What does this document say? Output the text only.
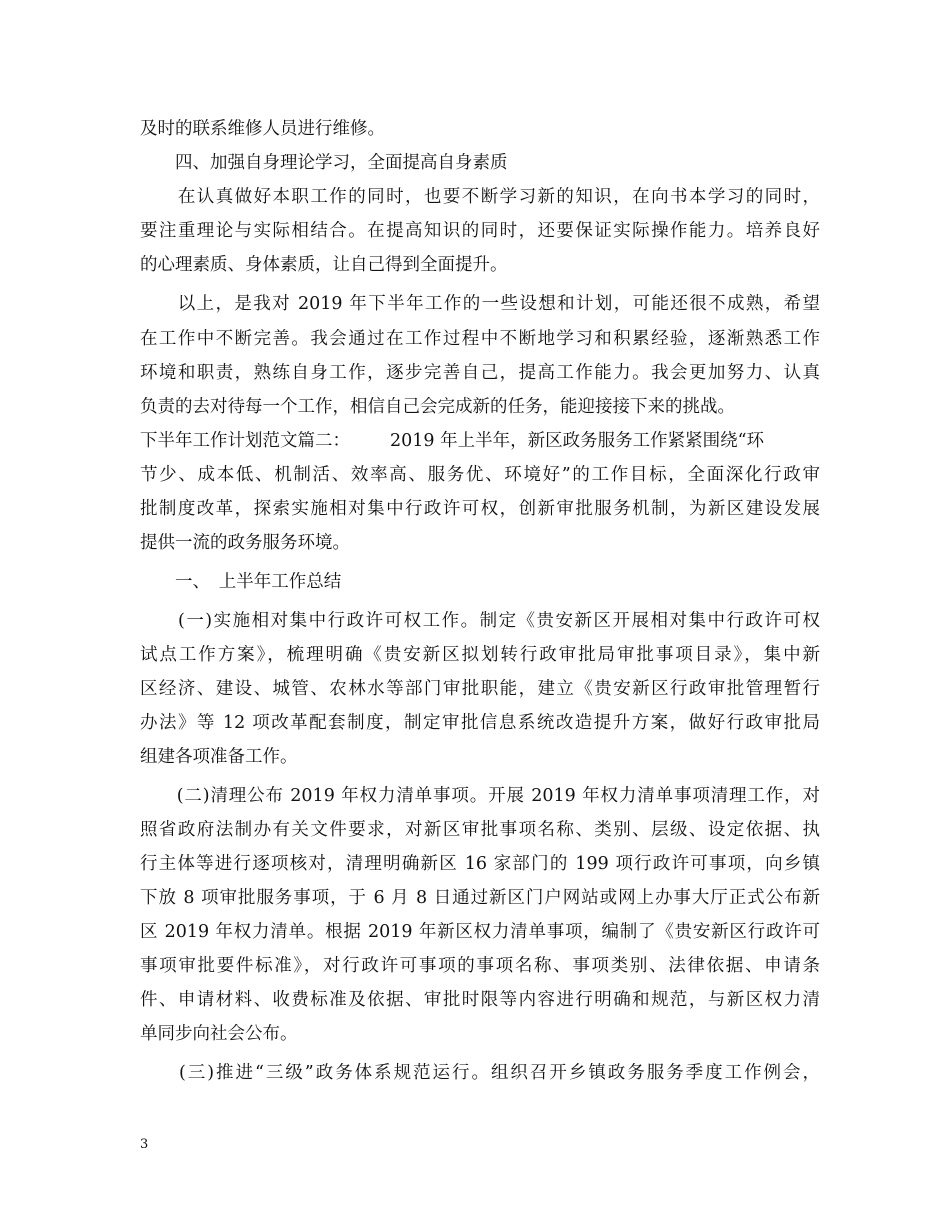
及时的联系维修人员进行维修。
　　四、加强自身理论学习，全面提高自身素质
　　在认真做好本职工作的同时，也要不断学习新的知识，在向书本学习的同时，
要注重理论与实际相结合。在提高知识的同时，还要保证实际操作能力。培养良好
的心理素质、身体素质，让自己得到全面提升。
　　以上，是我对 2019 年下半年工作的一些设想和计划，可能还很不成熟，希望
在工作中不断完善。我会通过在工作过程中不断地学习和积累经验，逐渐熟悉工作
环境和职责，熟练自身工作，逐步完善自己，提高工作能力。我会更加努力、认真
负责的去对待每一个工作，相信自己会完成新的任务，能迎接接下来的挑战。
下半年工作计划范文篇二： 2019 年上半年，新区政务服务工作紧紧围绕“环
节少、成本低、机制活、效率高、服务优、环境好”的工作目标，全面深化行政审
批制度改革，探索实施相对集中行政许可权，创新审批服务机制，为新区建设发展
提供一流的政务服务环境。
　　一、　上半年工作总结
　　(一)实施相对集中行政许可权工作。制定《贵安新区开展相对集中行政许可权
试点工作方案》，梳理明确《贵安新区拟划转行政审批局审批事项目录》，集中新
区经济、建设、城管、农林水等部门审批职能，建立《贵安新区行政审批管理暂行
办法》等 12 项改革配套制度，制定审批信息系统改造提升方案，做好行政审批局
组建各项准备工作。
　　(二)清理公布 2019 年权力清单事项。开展 2019 年权力清单事项清理工作，对
照省政府法制办有关文件要求，对新区审批事项名称、类别、层级、设定依据、执
行主体等进行逐项核对，清理明确新区 16 家部门的 199 项行政许可事项，向乡镇
下放 8 项审批服务事项，于 6 月 8 日通过新区门户网站或网上办事大厅正式公布新
区 2019 年权力清单。根据 2019 年新区权力清单事项，编制了《贵安新区行政许可
事项审批要件标准》，对行政许可事项的事项名称、事项类别、法律依据、申请条
件、申请材料、收费标准及依据、审批时限等内容进行明确和规范，与新区权力清
单同步向社会公布。
　　(三)推进“三级”政务体系规范运行。组织召开乡镇政务服务季度工作例会，
3
